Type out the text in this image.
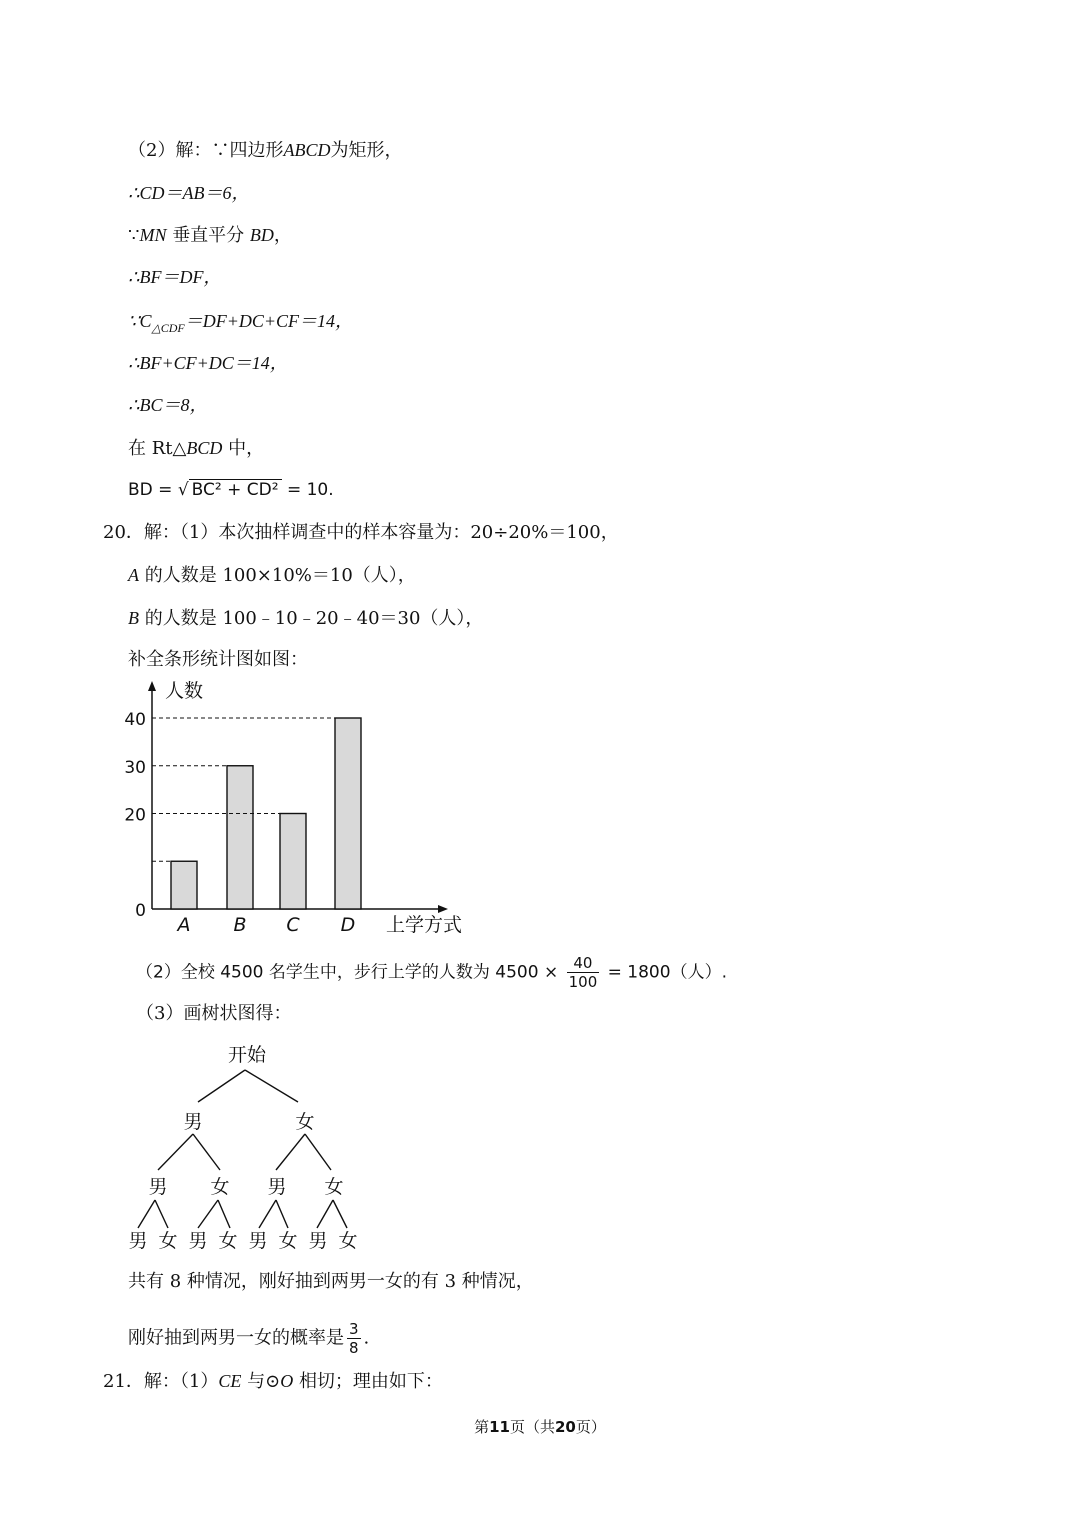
（2）解：∵四边形ABCD为矩形，
∴CD＝AB＝6，
∵MN 垂直平分 BD，
∴BF＝DF，
$\because C_{\triangle CDF}=DF+DC+CF=14$，
∴BF+CF+DC＝14，
∴BC＝8，
在 Rt△BCD 中，
BD = √ BC² + CD² = 10.
20．解：（1）本次抽样调查中的样本容量为：20÷20%＝100，
A 的人数是 100×10%＝10（人），
B 的人数是 100﹣10﹣20﹣40＝30（人），
补全条形统计图如图：
人数
上学方式
0
20
30
40
A B C D
（2）全校 4500 名学生中，步行上学的人数为 $4500 \times \frac{40}{100} = 1800$（人）.
（3）画树状图得：
开始
男	女
男 女 男 女
男 女 男 女 男 女 男 女
共有 8 种情况，刚好抽到两男一女的有 3 种情况，
刚好抽到两男一女的概率是 $\frac{3}{8}$ .
21．解：（1）CE 与⊙O 相切；理由如下：
第11页（共20页）
